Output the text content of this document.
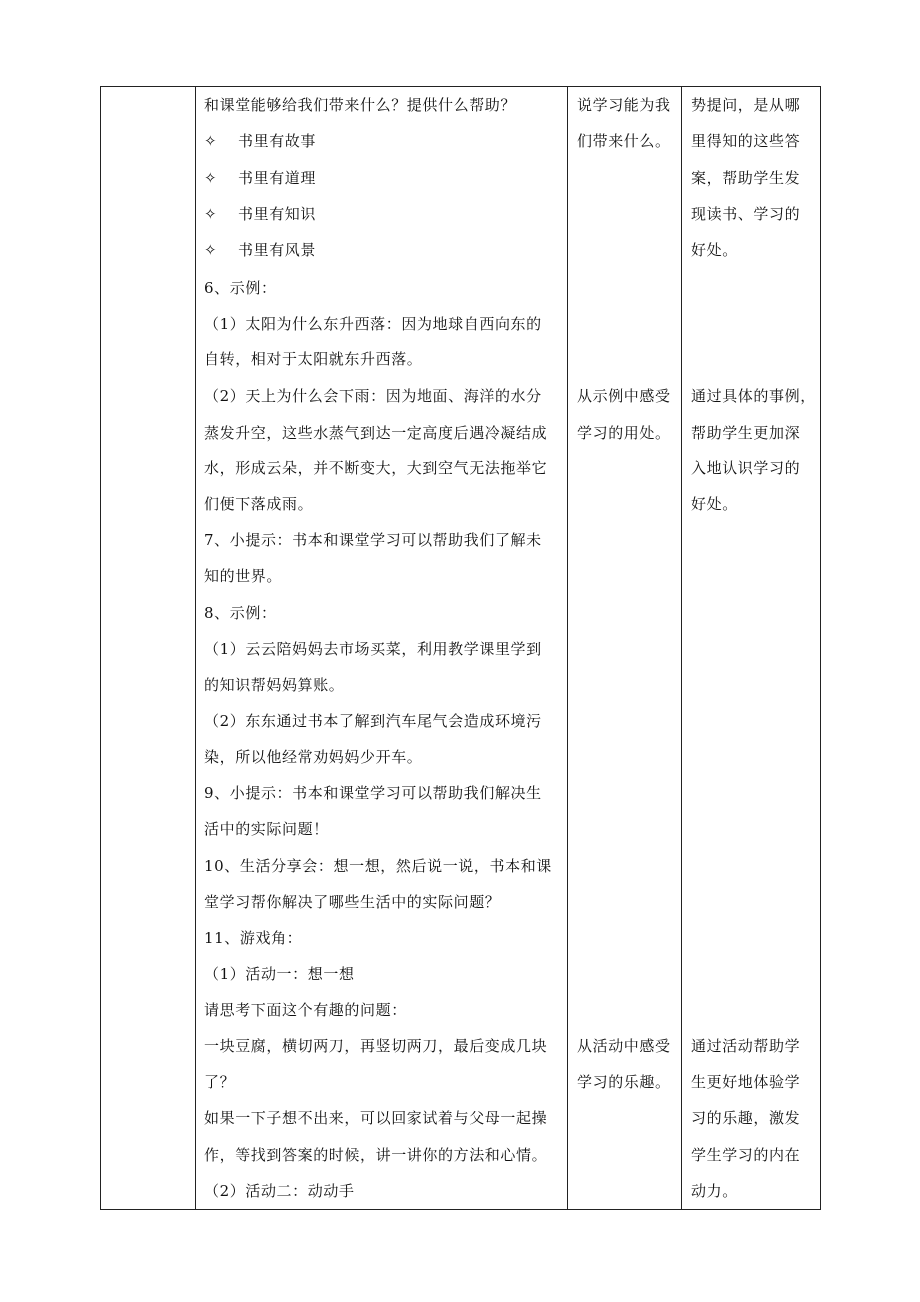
和课堂能够给我们带来什么？提供什么帮助？
✧ 书里有故事
✧ 书里有道理
✧ 书里有知识
✧ 书里有风景
6、示例：
（1）太阳为什么东升西落：因为地球自西向东的
自转，相对于太阳就东升西落。
（2）天上为什么会下雨：因为地面、海洋的水分
蒸发升空，这些水蒸气到达一定高度后遇冷凝结成
水，形成云朵，并不断变大，大到空气无法拖举它
们便下落成雨。
7、小提示：书本和课堂学习可以帮助我们了解未
知的世界。
8、示例：
（1）云云陪妈妈去市场买菜，利用教学课里学到
的知识帮妈妈算账。
（2）东东通过书本了解到汽车尾气会造成环境污
染，所以他经常劝妈妈少开车。
9、小提示：书本和课堂学习可以帮助我们解决生
活中的实际问题！
10、生活分享会：想一想，然后说一说，书本和课
堂学习帮你解决了哪些生活中的实际问题？
11、游戏角：
（1）活动一：想一想
请思考下面这个有趣的问题：
一块豆腐，横切两刀，再竖切两刀，最后变成几块
了？
如果一下子想不出来，可以回家试着与父母一起操
作，等找到答案的时候，讲一讲你的方法和心情。
（2）活动二：动动手
说学习能为我
们带来什么。
从示例中感受
学习的用处。
从活动中感受
学习的乐趣。
势提问，是从哪
里得知的这些答
案，帮助学生发
现读书、学习的
好处。
通过具体的事例，
帮助学生更加深
入地认识学习的
好处。
通过活动帮助学
生更好地体验学
习的乐趣，激发
学生学习的内在
动力。
